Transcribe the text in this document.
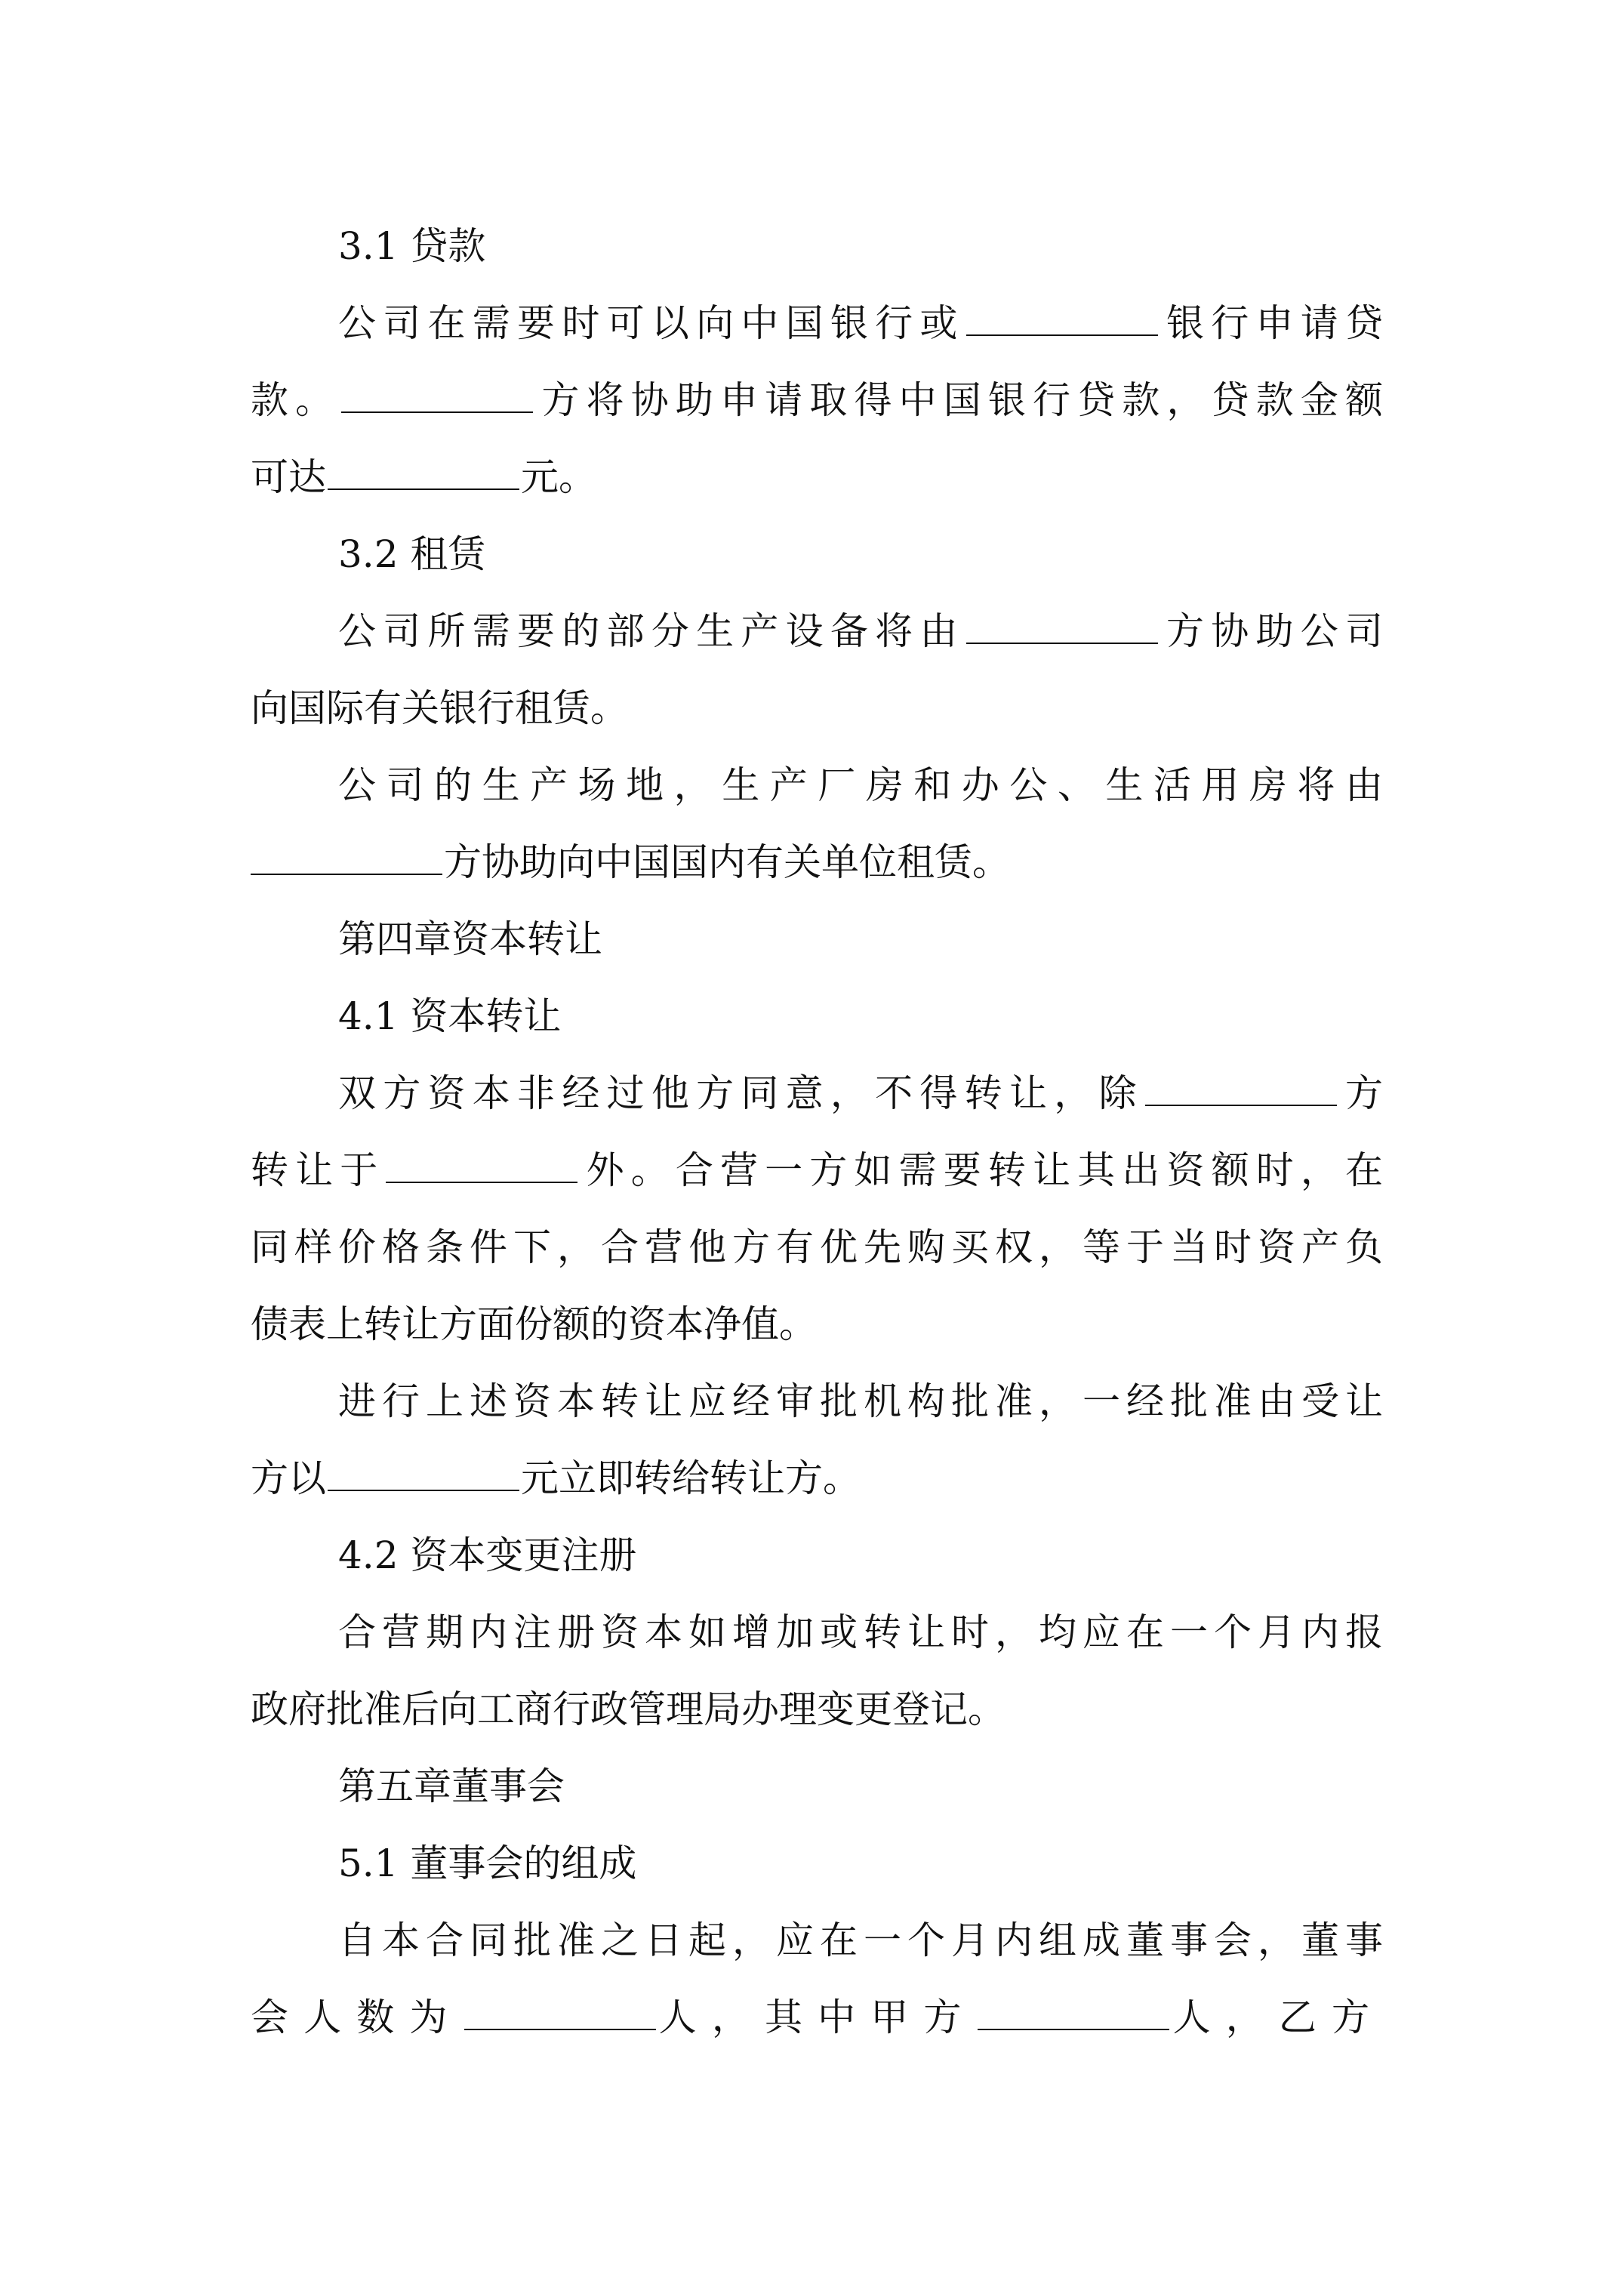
3.1 贷款
公司在需要时可以向中国银行或	银行申请贷
款。	方将协助申请取得中国银行贷款，贷款金额
可达	元。
3.2 租赁
公司所需要的部分生产设备将由	方协助公司
向国际有关银行租赁。
公司的生产场地，生产厂房和办公、生活用房将由
方协助向中国国内有关单位租赁。
第四章资本转让
4.1 资本转让
双方资本非经过他方同意，不得转让，除	方
转让于	外。合营一方如需要转让其出资额时，在
同样价格条件下，合营他方有优先购买权，等于当时资产负
债表上转让方面份额的资本净值。
进行上述资本转让应经审批机构批准，一经批准由受让
方以	元立即转给转让方。
4.2 资本变更注册
合营期内注册资本如增加或转让时，均应在一个月内报
政府批准后向工商行政管理局办理变更登记。
第五章董事会
5.1 董事会的组成
自本合同批准之日起，应在一个月内组成董事会，董事
会人数为	人，其中甲方	人，乙方
